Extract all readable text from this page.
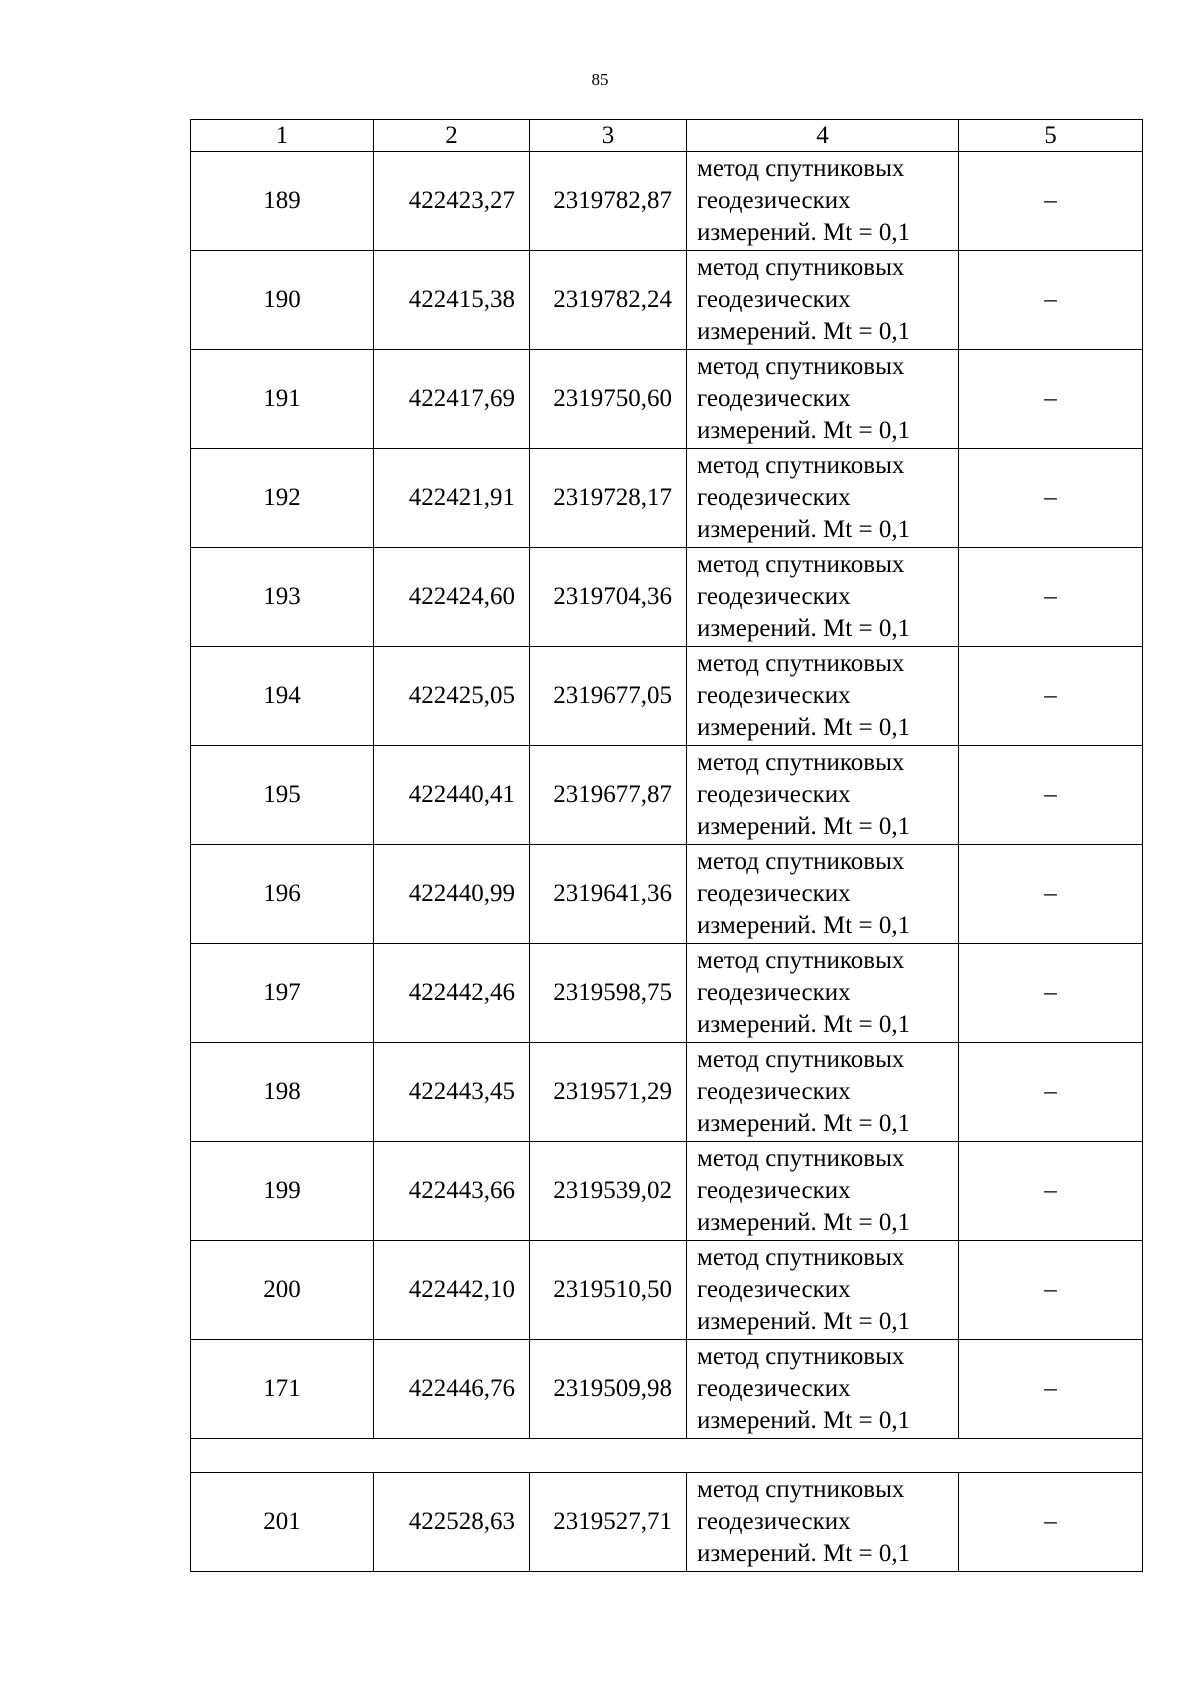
85
1	2	3	4	5
189	422423,27	2319782,87	метод спутниковых
геодезических
измерений. Mt = 0,1	–
190	422415,38	2319782,24	метод спутниковых
геодезических
измерений. Mt = 0,1	–
191	422417,69	2319750,60	метод спутниковых
геодезических
измерений. Mt = 0,1	–
192	422421,91	2319728,17	метод спутниковых
геодезических
измерений. Mt = 0,1	–
193	422424,60	2319704,36	метод спутниковых
геодезических
измерений. Mt = 0,1	–
194	422425,05	2319677,05	метод спутниковых
геодезических
измерений. Mt = 0,1	–
195	422440,41	2319677,87	метод спутниковых
геодезических
измерений. Mt = 0,1	–
196	422440,99	2319641,36	метод спутниковых
геодезических
измерений. Mt = 0,1	–
197	422442,46	2319598,75	метод спутниковых
геодезических
измерений. Mt = 0,1	–
198	422443,45	2319571,29	метод спутниковых
геодезических
измерений. Mt = 0,1	–
199	422443,66	2319539,02	метод спутниковых
геодезических
измерений. Mt = 0,1	–
200	422442,10	2319510,50	метод спутниковых
геодезических
измерений. Mt = 0,1	–
171	422446,76	2319509,98	метод спутниковых
геодезических
измерений. Mt = 0,1	–

201	422528,63	2319527,71	метод спутниковых
геодезических
измерений. Mt = 0,1	–
